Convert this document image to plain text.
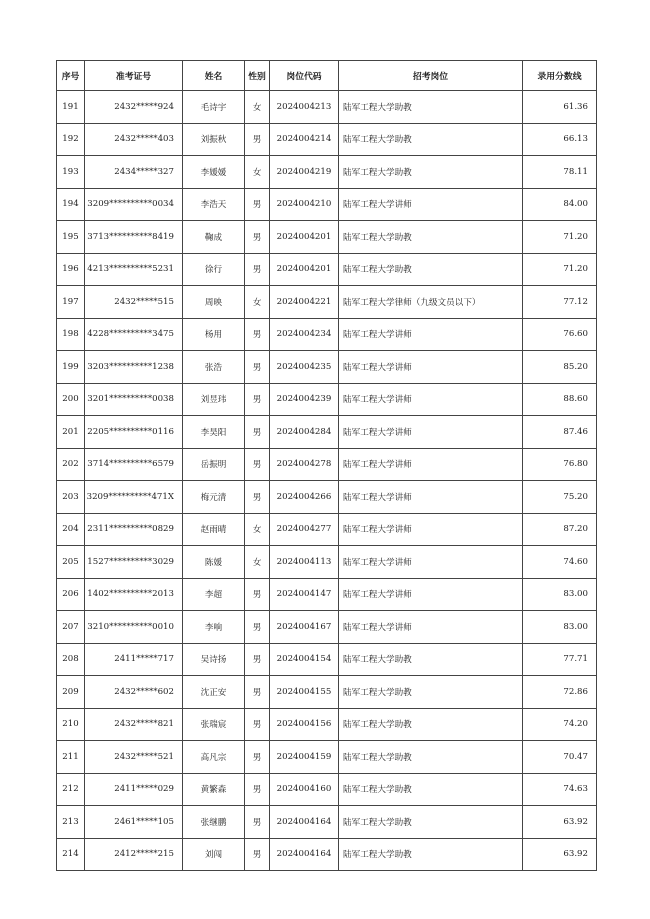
序号	准考证号	姓名	性别	岗位代码	招考岗位	录用分数线
191	2432*****924	毛诗宇	女	2024004213	陆军工程大学助教	61.36
192	2432*****403	刘振秋	男	2024004214	陆军工程大学助教	66.13
193	2434*****327	李媛媛	女	2024004219	陆军工程大学助教	78.11
194	3209**********0034	李浩天	男	2024004210	陆军工程大学讲师	84.00
195	3713**********8419	鞠成	男	2024004201	陆军工程大学助教	71.20
196	4213**********5231	徐行	男	2024004201	陆军工程大学助教	71.20
197	2432*****515	周映	女	2024004221	陆军工程大学律师（九级文员以下）	77.12
198	4228**********3475	杨用	男	2024004234	陆军工程大学讲师	76.60
199	3203**********1238	张浩	男	2024004235	陆军工程大学讲师	85.20
200	3201**********0038	刘昱玮	男	2024004239	陆军工程大学讲师	88.60
201	2205**********0116	李昊阳	男	2024004284	陆军工程大学讲师	87.46
202	3714**********6579	岳振明	男	2024004278	陆军工程大学讲师	76.80
203	3209**********471X	梅元清	男	2024004266	陆军工程大学讲师	75.20
204	2311**********0829	赵雨晴	女	2024004277	陆军工程大学讲师	87.20
205	1527**********3029	陈媛	女	2024004113	陆军工程大学讲师	74.60
206	1402**********2013	李超	男	2024004147	陆军工程大学讲师	83.00
207	3210**********0010	李响	男	2024004167	陆军工程大学讲师	83.00
208	2411*****717	吴诗扬	男	2024004154	陆军工程大学助教	77.71
209	2432*****602	沈正安	男	2024004155	陆军工程大学助教	72.86
210	2432*****821	张瑞宸	男	2024004156	陆军工程大学助教	74.20
211	2432*****521	高凡宗	男	2024004159	陆军工程大学助教	70.47
212	2411*****029	黄繁森	男	2024004160	陆军工程大学助教	74.63
213	2461*****105	张继鹏	男	2024004164	陆军工程大学助教	63.92
214	2412*****215	刘闯	男	2024004164	陆军工程大学助教	63.92
